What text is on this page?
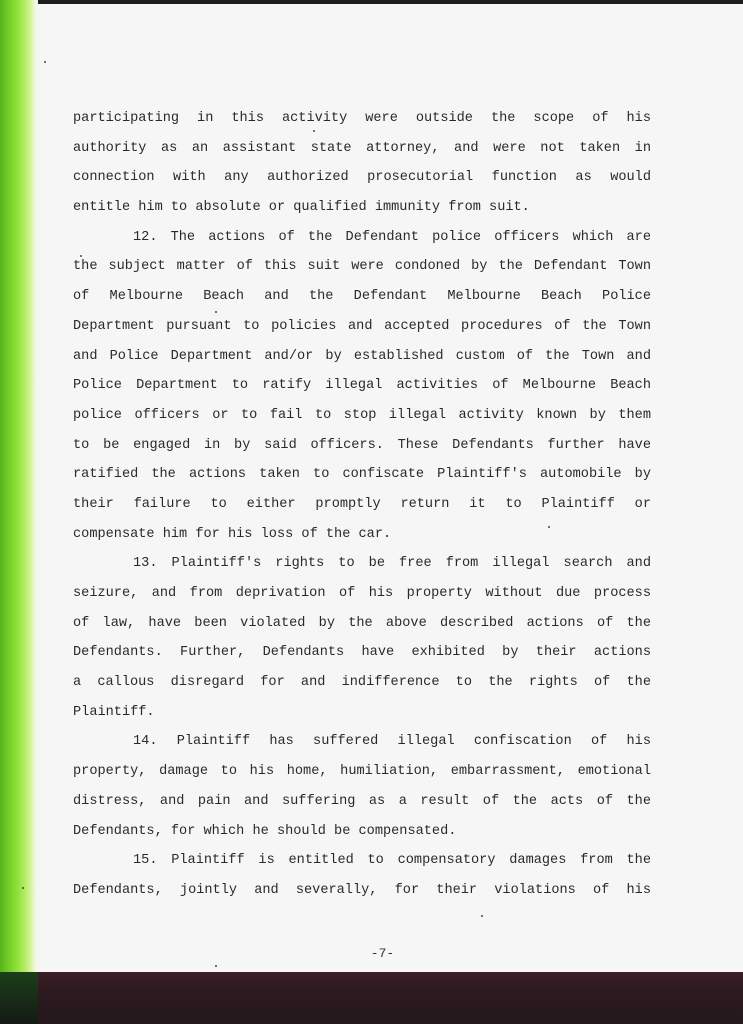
participating in this activity were outside the scope of his
authority as an assistant state attorney, and were not taken in
connection with any authorized prosecutorial function as would
entitle him to absolute or qualified immunity from suit.
12. The actions of the Defendant police officers which are
the subject matter of this suit were condoned by the Defendant Town
of Melbourne Beach and the Defendant Melbourne Beach Police
Department pursuant to policies and accepted procedures of the Town
and Police Department and/or by established custom of the Town and
Police Department to ratify illegal activities of Melbourne Beach
police officers or to fail to stop illegal activity known by them
to be engaged in by said officers. These Defendants further have
ratified the actions taken to confiscate Plaintiff's automobile by
their failure to either promptly return it to Plaintiff or
compensate him for his loss of the car.
13. Plaintiff's rights to be free from illegal search and
seizure, and from deprivation of his property without due process
of law, have been violated by the above described actions of the
Defendants. Further, Defendants have exhibited by their actions
a callous disregard for and indifference to the rights of the
Plaintiff.
14. Plaintiff has suffered illegal confiscation of his
property, damage to his home, humiliation, embarrassment, emotional
distress, and pain and suffering as a result of the acts of the
Defendants, for which he should be compensated.
15. Plaintiff is entitled to compensatory damages from the
Defendants, jointly and severally, for their violations of his
-7-
